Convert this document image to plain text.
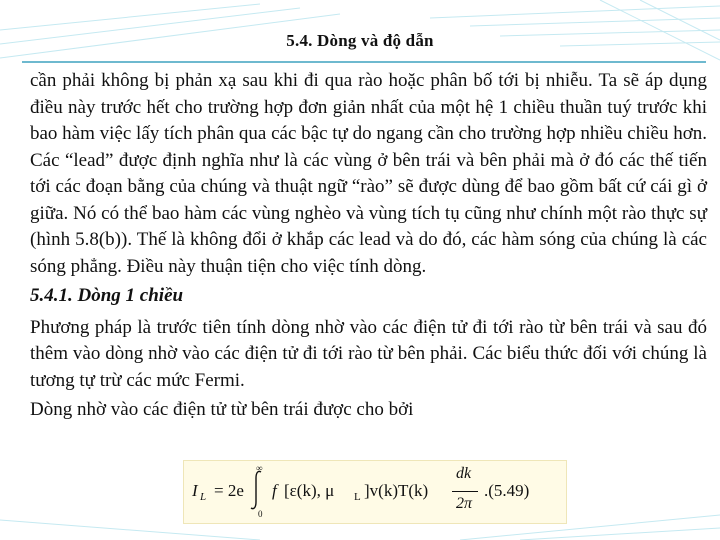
5.4. Dòng và độ dẫn

cần phải không bị phản xạ sau khi đi qua rào hoặc phân bố tới bị nhiễu. Ta sẽ áp dụng điều này trước hết cho trường hợp đơn giản nhất của một hệ 1 chiều thuần tuý trước khi bao hàm việc lấy tích phân qua các bậc tự do ngang cần cho trường hợp nhiều chiều hơn. Các “lead” được định nghĩa như là các vùng ở bên trái và bên phải mà ở đó các thế tiến tới các đoạn bằng của chúng và thuật ngữ “rào” sẽ được dùng để bao gồm bất cứ cái gì ở giữa. Nó có thể bao hàm các vùng nghèo và vùng tích tụ cũng như chính một rào thực sự (hình 5.8(b)). Thế là không đổi ở khắp các lead và do đó, các hàm sóng của chúng là các sóng phẳng. Điều này thuận tiện cho việc tính dòng.

5.4.1. Dòng 1 chiều

Phương pháp là trước tiên tính dòng nhờ vào các điện tử đi tới rào từ bên trái và sau đó thêm vào dòng nhờ vào các điện tử đi tới rào từ bên phải. Các biểu thức đối với chúng là tương tự trừ các mức Fermi.

Dòng nhờ vào các điện tử từ bên trái được cho bởi

I L = 2e
∞
0
f [ε(k), μ L ]v(k)T(k)
dk
2π
.(5.49)
